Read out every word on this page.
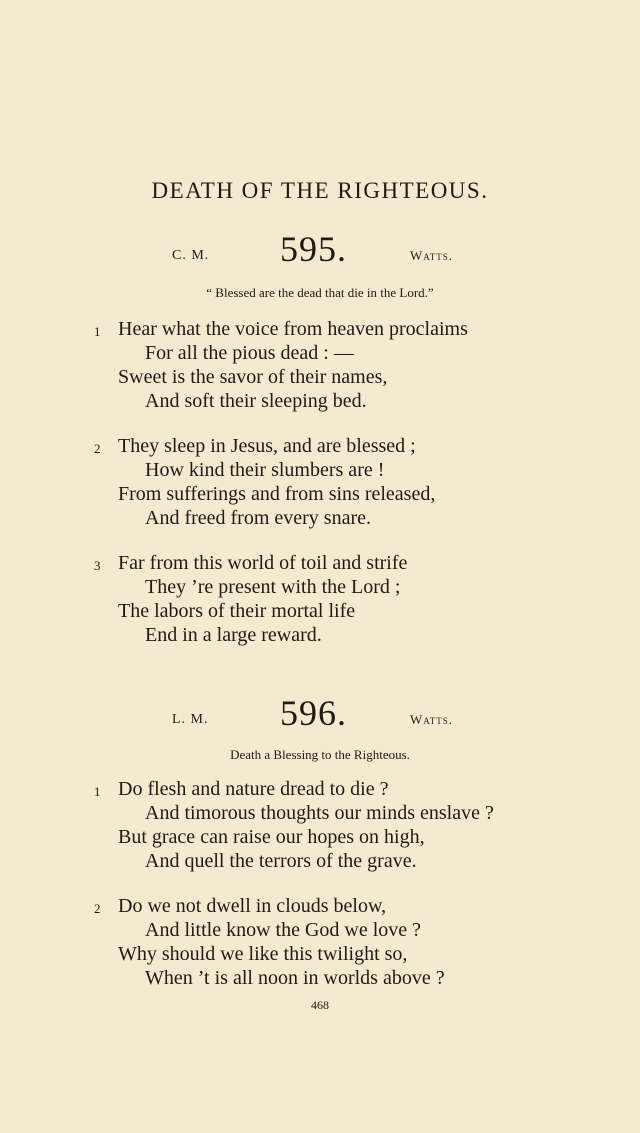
DEATH OF THE RIGHTEOUS.
C. M. 595.	Watts.
“ Blessed are the dead that die in the Lord.”
1 Hear what the voice from heaven proclaims
For all the pious dead : —
Sweet is the savor of their names,
And soft their sleeping bed.
2 They sleep in Jesus, and are blessed ;
How kind their slumbers are !
From sufferings and from sins released,
And freed from every snare.
3 Far from this world of toil and strife
They ’re present with the Lord ;
The labors of their mortal life
End in a large reward.
L. M. 596.	Watts.
Death a Blessing to the Righteous.
1 Do flesh and nature dread to die ?
And timorous thoughts our minds enslave ?
But grace can raise our hopes on high,
And quell the terrors of the grave.
2 Do we not dwell in clouds below,
And little know the God we love ?
Why should we like this twilight so,
When ’t is all noon in worlds above ?
468
